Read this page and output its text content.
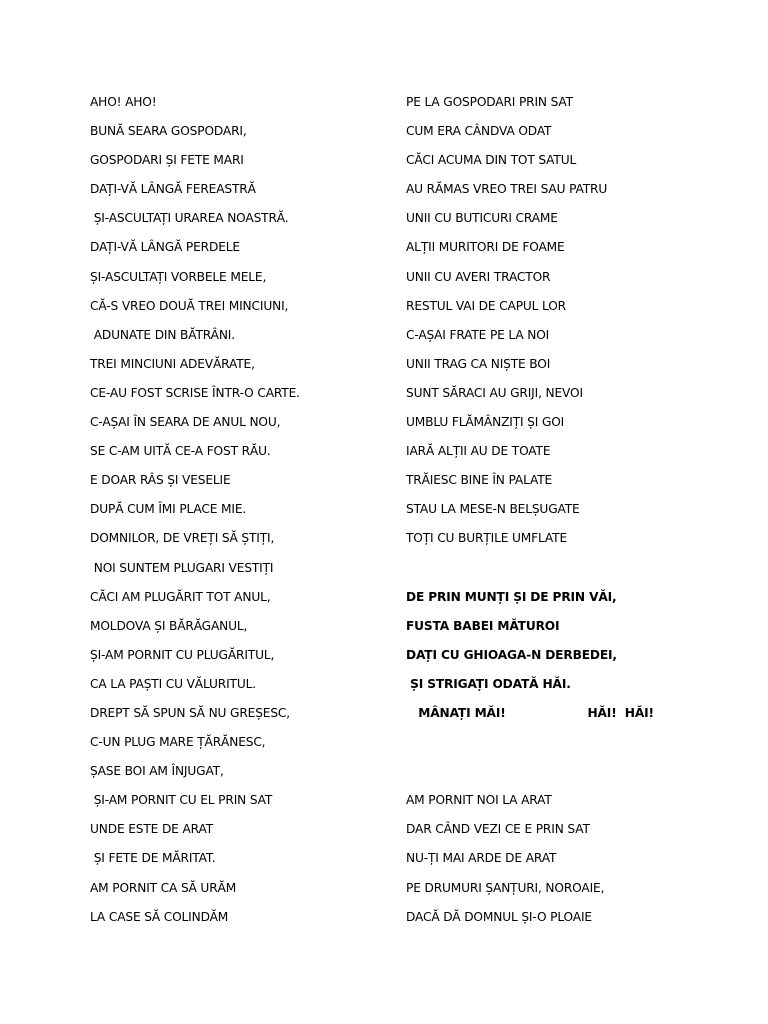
AHO! AHO!
BUNĂ SEARA GOSPODARI,
GOSPODARI ȘI FETE MARI
DAȚI-VĂ LÂNGĂ FEREASTRĂ
ȘI-ASCULTAȚI URAREA NOASTRĂ.
DAȚI-VĂ LÂNGĂ PERDELE
ȘI-ASCULTAȚI VORBELE MELE,
CĂ-S VREO DOUĂ TREI MINCIUNI,
ADUNATE DIN BĂTRÂNI.
TREI MINCIUNI ADEVĂRATE,
CE-AU FOST SCRISE ÎNTR-O CARTE.
C-AȘAI ÎN SEARA DE ANUL NOU,
SE C-AM UITĂ CE-A FOST RĂU.
E DOAR RÂS ȘI VESELIE
DUPĂ CUM ÎMI PLACE MIE.
DOMNILOR, DE VREȚI SĂ ȘTIȚI,
NOI SUNTEM PLUGARI VESTIȚI
CĂCI AM PLUGĂRIT TOT ANUL,
MOLDOVA ȘI BĂRĂGANUL,
ȘI-AM PORNIT CU PLUGĂRITUL,
CA LA PAȘTI CU VĂLURITUL.
DREPT SĂ SPUN SĂ NU GREȘESC,
C-UN PLUG MARE ȚĂRĂNESC,
ȘASE BOI AM ÎNJUGAT,
ȘI-AM PORNIT CU EL PRIN SAT
UNDE ESTE DE ARAT
ȘI FETE DE MĂRITAT.
AM PORNIT CA SĂ URĂM
LA CASE SĂ COLINDĂM
PE LA GOSPODARI PRIN SAT
CUM ERA CÂNDVA ODAT
CĂCI ACUMA DIN TOT SATUL
AU RĂMAS VREO TREI SAU PATRU
UNII CU BUTICURI CRAME
ALȚII MURITORI DE FOAME
UNII CU AVERI TRACTOR
RESTUL VAI DE CAPUL LOR
C-AȘAI FRATE PE LA NOI
UNII TRAG CA NIȘTE BOI
SUNT SĂRACI AU GRIJI, NEVOI
UMBLU FLĂMÂNZIȚI ȘI GOI
IARĂ ALȚII AU DE TOATE
TRĂIESC BINE ÎN PALATE
STAU LA MESE-N BELȘUGATE
TOȚI CU BURȚILE UMFLATE
DE PRIN MUNȚI ȘI DE PRIN VĂI,
FUSTA BABEI MĂTUROI
DAȚI CU GHIOAGA-N DERBEDEI,
ȘI STRIGAȚI ODATĂ HĂI.
MÂNAȚI MĂI!                    HĂI!  HĂI!
AM PORNIT NOI LA ARAT
DAR CÂND VEZI CE E PRIN SAT
NU-ȚI MAI ARDE DE ARAT
PE DRUMURI ȘANȚURI, NOROAIE,
DACĂ DĂ DOMNUL ȘI-O PLOAIE
